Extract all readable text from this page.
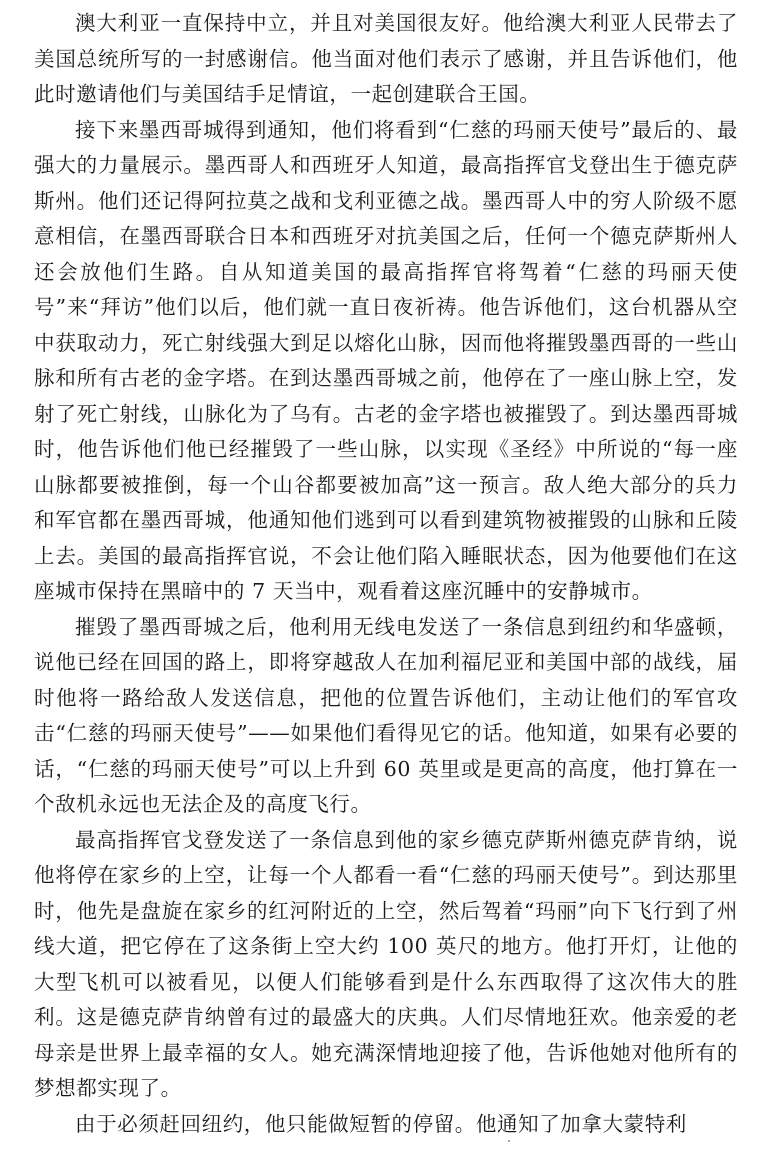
澳大利亚一直保持中立，并且对美国很友好。他给澳大利亚人民带去了美国总统所写的一封感谢信。他当面对他们表示了感谢，并且告诉他们，他此时邀请他们与美国结手足情谊，一起创建联合王国。

接下来墨西哥城得到通知，他们将看到“仁慈的玛丽天使号”最后的、最强大的力量展示。墨西哥人和西班牙人知道，最高指挥官戈登出生于德克萨斯州。他们还记得阿拉莫之战和戈利亚德之战。墨西哥人中的穷人阶级不愿意相信，在墨西哥联合日本和西班牙对抗美国之后，任何一个德克萨斯州人还会放他们生路。自从知道美国的最高指挥官将驾着“仁慈的玛丽天使号”来“拜访”他们以后，他们就一直日夜祈祷。他告诉他们，这台机器从空中获取动力，死亡射线强大到足以熔化山脉，因而他将摧毁墨西哥的一些山脉和所有古老的金字塔。在到达墨西哥城之前，他停在了一座山脉上空，发射了死亡射线，山脉化为了乌有。古老的金字塔也被摧毁了。到达墨西哥城时，他告诉他们他已经摧毁了一些山脉，以实现《圣经》中所说的“每一座山脉都要被推倒，每一个山谷都要被加高”这一预言。敌人绝大部分的兵力和军官都在墨西哥城，他通知他们逃到可以看到建筑物被摧毁的山脉和丘陵上去。美国的最高指挥官说，不会让他们陷入睡眠状态，因为他要他们在这座城市保持在黑暗中的 7 天当中，观看着这座沉睡中的安静城市。

摧毁了墨西哥城之后，他利用无线电发送了一条信息到纽约和华盛顿，说他已经在回国的路上，即将穿越敌人在加利福尼亚和美国中部的战线，届时他将一路给敌人发送信息，把他的位置告诉他们，主动让他们的军官攻击“仁慈的玛丽天使号”——如果他们看得见它的话。他知道，如果有必要的话，“仁慈的玛丽天使号”可以上升到 60 英里或是更高的高度，他打算在一个敌机永远也无法企及的高度飞行。

最高指挥官戈登发送了一条信息到他的家乡德克萨斯州德克萨肯纳，说他将停在家乡的上空，让每一个人都看一看“仁慈的玛丽天使号”。到达那里时，他先是盘旋在家乡的红河附近的上空，然后驾着“玛丽”向下飞行到了州线大道，把它停在了这条街上空大约 100 英尺的地方。他打开灯，让他的大型飞机可以被看见，以便人们能够看到是什么东西取得了这次伟大的胜利。这是德克萨肯纳曾有过的最盛大的庆典。人们尽情地狂欢。他亲爱的老母亲是世界上最幸福的女人。她充满深情地迎接了他，告诉他她对他所有的梦想都实现了。

由于必须赶回纽约，他只能做短暂的停留。他通知了加拿大蒙特利
